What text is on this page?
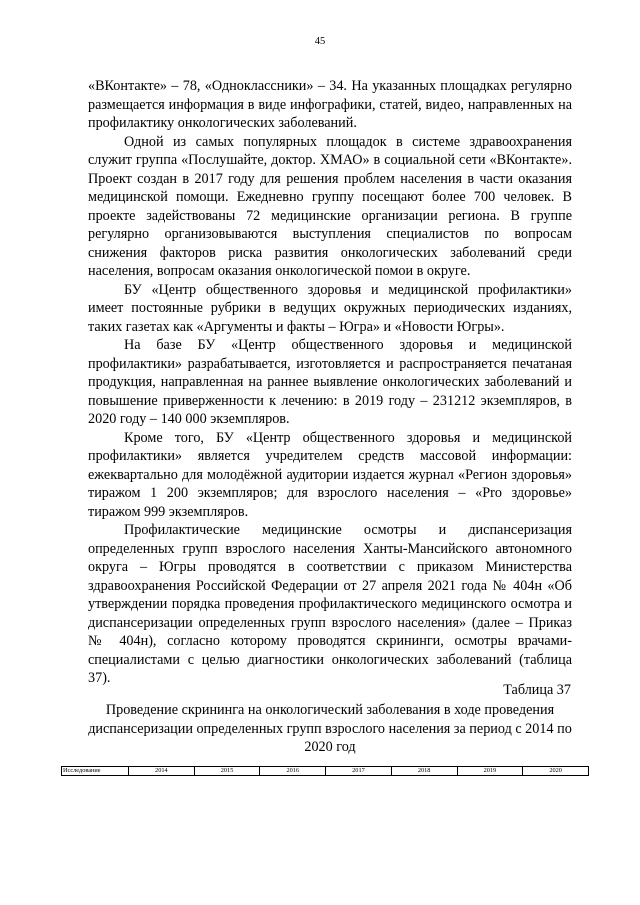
45

«ВКонтакте» – 78, «Одноклассники» – 34. На указанных площадках регулярно размещается информация в виде инфографики, статей, видео, направленных на профилактику онкологических заболеваний.

Одной из самых популярных площадок в системе здравоохранения служит группа «Послушайте, доктор. ХМАО» в социальной сети «ВКонтакте». Проект создан в 2017 году для решения проблем населения в части оказания медицинской помощи. Ежедневно группу посещают более 700 человек. В проекте задействованы 72 медицинские организации региона. В группе регулярно организовываются выступления специалистов по вопросам снижения факторов риска развития онкологических заболеваний среди населения, вопросам оказания онкологической помои в округе.

БУ «Центр общественного здоровья и медицинской профилактики» имеет постоянные рубрики в ведущих окружных периодических изданиях, таких газетах как «Аргументы и факты – Югра» и «Новости Югры».

На базе БУ «Центр общественного здоровья и медицинской профилактики» разрабатывается, изготовляется и распространяется печатаная продукция, направленная на раннее выявление онкологических заболеваний и повышение приверженности к лечению: в 2019 году – 231212 экземпляров, в 2020 году – 140 000 экземпляров.

Кроме того, БУ «Центр общественного здоровья и медицинской профилактики» является учредителем средств массовой информации: ежеквартально для молодёжной аудитории издается журнал «Регион здоровья» тиражом 1 200 экземпляров; для взрослого населения – «Pro здоровье» тиражом 999 экземпляров.

Профилактические медицинские осмотры и диспансеризация определенных групп взрослого населения Ханты-Мансийского автономного округа – Югры проводятся в соответствии с приказом Министерства здравоохранения Российской Федерации от 27 апреля 2021 года № 404н «Об утверждении порядка проведения профилактического медицинского осмотра и диспансеризации определенных групп взрослого населения» (далее – Приказ № 404н), согласно которому проводятся скрининги, осмотры врачами-специалистами с целью диагностики онкологических заболеваний (таблица 37).

Таблица 37
Проведение скрининга на онкологический заболевания в ходе проведения диспансеризации определенных групп взрослого населения за период с 2014 по 2020 год
Исследование	2014	2015	2016	2017	2018	2019	2020
